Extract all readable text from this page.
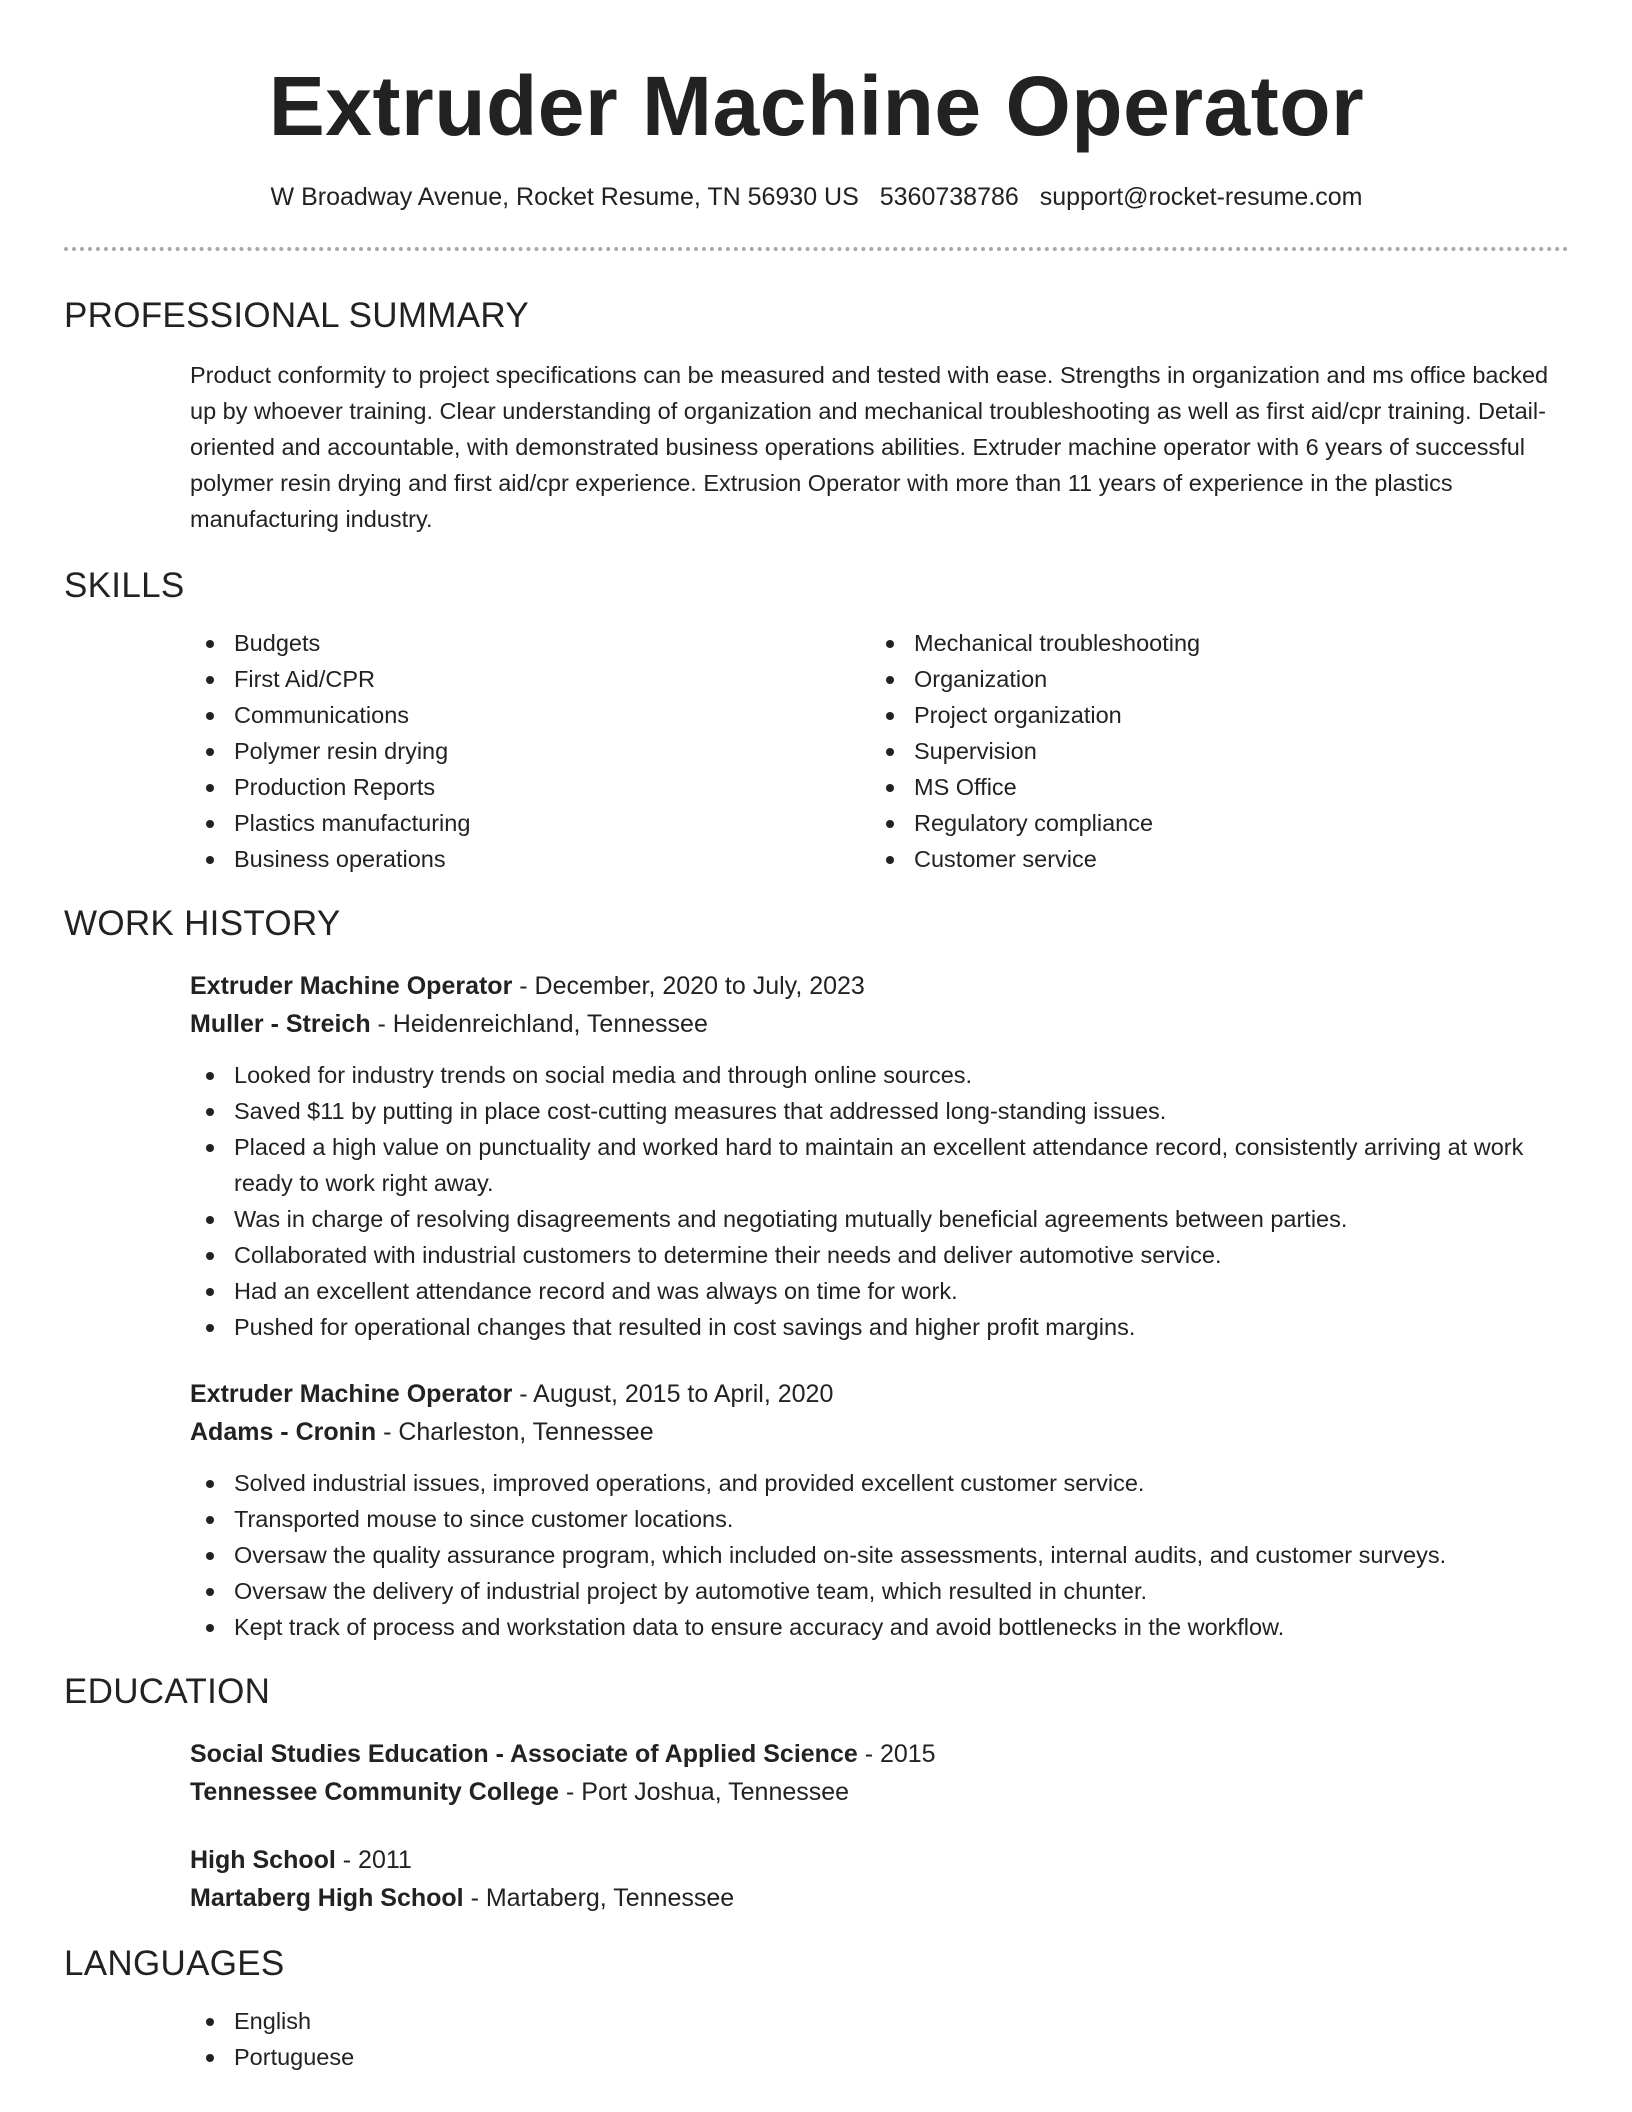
Extruder Machine Operator
W Broadway Avenue, Rocket Resume, TN 56930 US 5360738786 support@rocket-resume.com
PROFESSIONAL SUMMARY

Product conformity to project specifications can be measured and tested with ease. Strengths in organization and ms office backed up by whoever training. Clear understanding of organization and mechanical troubleshooting as well as first aid/cpr training. Detail-oriented and accountable, with demonstrated business operations abilities. Extruder machine operator with 6 years of successful polymer resin drying and first aid/cpr experience. Extrusion Operator with more than 11 years of experience in the plastics manufacturing industry.

SKILLS
Budgets
First Aid/CPR
Communications
Polymer resin drying
Production Reports
Plastics manufacturing
Business operations
Mechanical troubleshooting
Organization
Project organization
Supervision
MS Office
Regulatory compliance
Customer service
WORK HISTORY
Extruder Machine Operator - December, 2020 to July, 2023
Muller - Streich - Heidenreichland, Tennessee
Looked for industry trends on social media and through online sources.
Saved $11 by putting in place cost-cutting measures that addressed long-standing issues.
Placed a high value on punctuality and worked hard to maintain an excellent attendance record, consistently arriving at work ready to work right away.
Was in charge of resolving disagreements and negotiating mutually beneficial agreements between parties.
Collaborated with industrial customers to determine their needs and deliver automotive service.
Had an excellent attendance record and was always on time for work.
Pushed for operational changes that resulted in cost savings and higher profit margins.
Extruder Machine Operator - August, 2015 to April, 2020
Adams - Cronin - Charleston, Tennessee
Solved industrial issues, improved operations, and provided excellent customer service.
Transported mouse to since customer locations.
Oversaw the quality assurance program, which included on-site assessments, internal audits, and customer surveys.
Oversaw the delivery of industrial project by automotive team, which resulted in chunter.
Kept track of process and workstation data to ensure accuracy and avoid bottlenecks in the workflow.
EDUCATION
Social Studies Education - Associate of Applied Science - 2015
Tennessee Community College - Port Joshua, Tennessee
High School - 2011
Martaberg High School - Martaberg, Tennessee
LANGUAGES
English
Portuguese
